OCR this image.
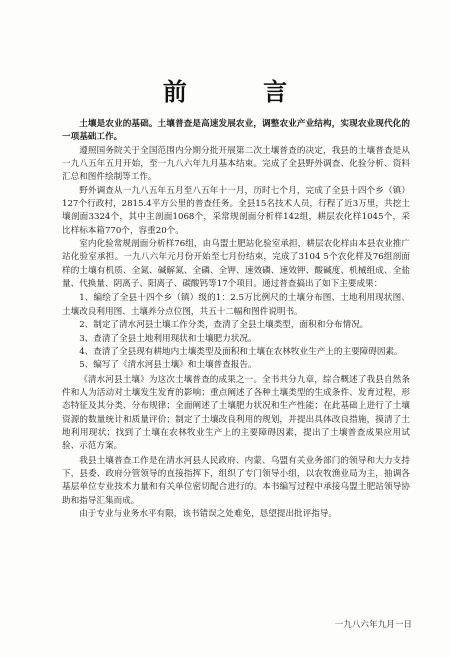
前 言

土壤是农业的基础。土壤普查是高速发展农业，调整农业产业结构，实现农业现代化的一项基础工作。

遵照国务院关于全国范围内分期分批开展第二次土壤普查的决定，我县的土壤普查是从一九八五年五月开始，至一九八六年九月基本结束。完成了全县野外调查、化验分析、资料汇总和图件绘制等工作。

野外调查从一九八五年五月至八五年十一月，历时七个月，完成了全县十四个乡（镇）127个行政村，2815.4平方公里的普查任务。全县15名技术人员，行程了近3万里，共挖土壤剖面3324个，其中主剖面1068个，采常规剖面分析样142组，耕层农化样1045个，采比样标本箱770个，容重20个。

室内化验常规剖面分析样76组，由乌盟土肥站化验室承担，耕层农化样由本县农业推广站化验室承担。一九八六年元月份开始至七月份结束，完成了3104 5个农化样及76组剖面样的土壤有机质、全氮、碱解氮、全磷、全钾、速效磷、速效钾、酸碱度、机械组成、全盐量、代换量、阴离子、阳离子、碳酸钙等17个项目。通过普查搞出了如下主要成果：

1、编绘了全县十四个乡（镇）级的1：2.5万比例尺的土壤分布图、土地利用现状图、土壤改良利用图、土壤养分点位图，共五十二幅和图件说明书。

2、制定了清水河县土壤工作分类，查清了全县土壤类型，面积和分布情况。

3、查清了全县土地利用现状和土壤肥力状况。

4、查清了全县现有耕地内土壤类型及面积和土壤在农林牧业生产上的主要障碍因素。

5、编写了《清水河县土壤》和土壤普查报告。

《清水河县土壤》为这次土壤普查的成果之一。全书共分九章，综合概述了我县自然条件和人为活动对土壤发生发育的影响；重点阐述了各种土壤类型的生成条件、发育过程，形态特征及其分类、分布规律；全面阐述了土壤肥力状况和生产性能；在此基础上进行了土壤资源的数量统计和质量评价；制定了土壤改良利用的规划，并提出具体改良措施，摸清了土地利用现状；找到了土壤在农林牧业生产上的主要障碍因素，提出了土壤普查成果应用试验、示范方案。

我县土壤普查工作是在清水河县人民政府、内蒙、乌盟有关业务部门的领导和大力支持下，县委、政府分管领导的直接指挥下，组织了专门领导小组，以农牧渔业局为主，抽调各基层单位专业技术力量和有关单位密切配合进行的。本书编写过程中承接乌盟土肥站领导协助和指导汇集而成。

由于专业与业务水平有限，该书错误之处难免，恳望提出批评指导。

一九八六年九月一日
